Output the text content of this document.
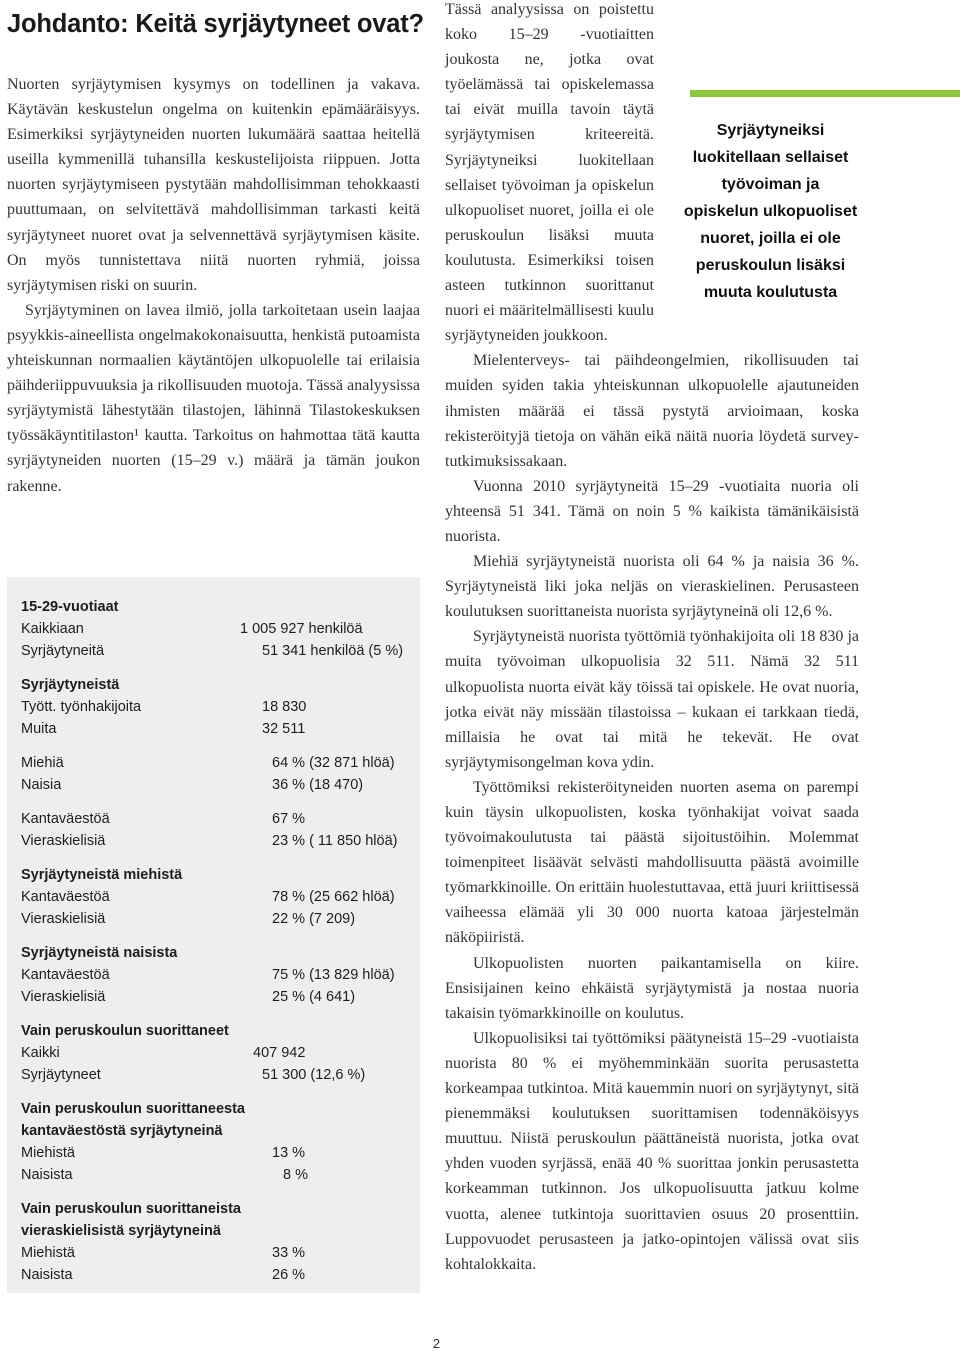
Johdanto: Keitä syrjäytyneet ovat?

Nuorten syrjäytymisen kysymys on todellinen ja vakava. Käytävän keskustelun ongelma on kuitenkin epämääräisyys. Esimerkiksi syrjäytyneiden nuorten lukumäärä saattaa heitellä useilla kymmenillä tuhansilla keskustelijoista riippuen. Jotta nuorten syrjäytymiseen pystytään mahdollisimman tehokkaasti puuttumaan, on selvitettävä mahdollisimman tarkasti keitä syrjäytyneet nuoret ovat ja selvennettävä syrjäytymisen käsite. On myös tunnistettava niitä nuorten ryhmiä, joissa syrjäytymisen riski on suurin.

Syrjäytyminen on lavea ilmiö, jolla tarkoitetaan usein laajaa psyykkis-aineellista ongelmakokonaisuutta, henkistä putoamista yhteiskunnan normaalien käytäntöjen ulkopuolelle tai erilaisia päihderiippuvuuksia ja rikollisuuden muotoja. Tässä analyysissa syrjäytymistä lähestytään tilastojen, lähinnä Tilastokeskuksen työssäkäyntitilaston¹ kautta. Tarkoitus on hahmottaa tätä kautta syrjäytyneiden nuorten (15–29 v.) määrä ja tämän joukon rakenne.

15-29-vuotiaat
Kaikkiaan	1 005 927 henkilöä
Syrjäytyneitä	51 341 henkilöä (5 %)
Syrjäytyneistä
Tyött. työnhakijoita	18 830
Muita	32 511
Miehiä	64 % (32 871 hlöä)
Naisia	36 % (18 470)
Kantaväestöä	67 %
Vieraskielisiä	23 % ( 11 850 hlöä)
Syrjäytyneistä miehistä
Kantaväestöä	78 % (25 662 hlöä)
Vieraskielisiä	22 % (7 209)
Syrjäytyneistä naisista
Kantaväestöä	75 % (13 829 hlöä)
Vieraskielisiä	25 % (4 641)
Vain peruskoulun suorittaneet
Kaikki	407 942
Syrjäytyneet	51 300 (12,6 %)
Vain peruskoulun suorittaneesta
kantaväestöstä syrjäytyneinä
Miehistä	13 %
Naisista	8 %
Vain peruskoulun suorittaneista
vieraskielisistä syrjäytyneinä
Miehistä	33 %
Naisista	26 %

Tässä analyysissa on poistettu koko 15–29 -vuotiaitten joukosta ne, jotka ovat työelämässä tai opiskelemassa tai eivät muilla tavoin täytä syrjäytymisen kriteereitä. Syrjäytyneiksi luokitellaan sellaiset työvoiman ja opiskelun ulkopuoliset nuoret, joilla ei ole peruskoulun lisäksi muuta koulutusta. Esimerkiksi toisen asteen tutkinnon suorittanut nuori ei määritelmällisesti kuulu syrjäytyneiden joukkoon.

Mielenterveys- tai päihdeongelmien, rikollisuuden tai muiden syiden takia yhteiskunnan ulkopuolelle ajautuneiden ihmisten määrää ei tässä pystytä arvioimaan, koska rekisteröityjä tietoja on vähän eikä näitä nuoria löydetä survey-tutkimuksissakaan.

Vuonna 2010 syrjäytyneitä 15–29 -vuotiaita nuoria oli yhteensä 51 341. Tämä on noin 5 % kaikista tämänikäisistä nuorista.

Miehiä syrjäytyneistä nuorista oli 64 % ja naisia 36 %. Syrjäytyneistä liki joka neljäs on vieraskielinen. Perusasteen koulutuksen suorittaneista nuorista syrjäytyneinä oli 12,6 %.

Syrjäytyneistä nuorista työttömiä työnhakijoita oli 18 830 ja muita työvoiman ulkopuolisia 32 511. Nämä 32 511 ulkopuolista nuorta eivät käy töissä tai opiskele. He ovat nuoria, jotka eivät näy missään tilastoissa – kukaan ei tarkkaan tiedä, millaisia he ovat tai mitä he tekevät. He ovat syrjäytymisongelman kova ydin.

Työttömiksi rekisteröityneiden nuorten asema on parempi kuin täysin ulkopuolisten, koska työnhakijat voivat saada työvoimakoulutusta tai päästä sijoitustöihin. Molemmat toimenpiteet lisäävät selvästi mahdollisuutta päästä avoimille työmarkkinoille. On erittäin huolestuttavaa, että juuri kriittisessä vaiheessa elämää yli 30 000 nuorta katoaa järjestelmän näköpiiristä.

Ulkopuolisten nuorten paikantamisella on kiire. Ensisijainen keino ehkäistä syrjäytymistä ja nostaa nuoria takaisin työmarkkinoille on koulutus.

Ulkopuolisiksi tai työttömiksi päätyneistä 15–29 -vuotiaista nuorista 80 % ei myöhemminkään suorita perusastetta korkeampaa tutkintoa. Mitä kauemmin nuori on syrjäytynyt, sitä pienemmäksi koulutuksen suorittamisen todennäköisyys muuttuu. Niistä peruskoulun päättäneistä nuorista, jotka ovat yhden vuoden syrjässä, enää 40 % suorittaa jonkin perusastetta korkeamman tutkinnon. Jos ulkopuolisuutta jatkuu kolme vuotta, alenee tutkintoja suorittavien osuus 20 prosenttiin. Luppovuodet perusasteen ja jatko-opintojen välissä ovat siis kohtalokkaita.

Syrjäytyneiksi luokitellaan sellaiset työvoiman ja opiskelun ulkopuoliset nuoret, joilla ei ole peruskoulun lisäksi muuta koulutusta
2
